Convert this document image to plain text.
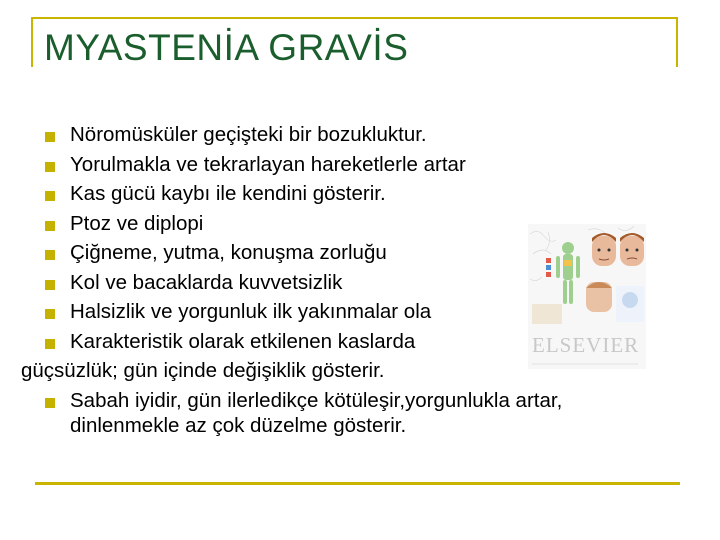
MYASTENİA GRAVİS
ELSEVIER
Nöromüsküler geçişteki bir bozukluktur.
Yorulmakla ve tekrarlayan hareketlerle artar
Kas gücü kaybı ile kendini gösterir.
Ptoz ve diplopi
Çiğneme, yutma, konuşma zorluğu
Kol ve bacaklarda kuvvetsizlik
Halsizlik ve yorgunluk ilk yakınmalar ola
Karakteristik olarak etkilenen kaslarda
güçsüzlük; gün içinde değişiklik gösterir.
Sabah iyidir, gün ilerledikçe kötüleşir,yorgunlukla artar, dinlenmekle az çok düzelme gösterir.
